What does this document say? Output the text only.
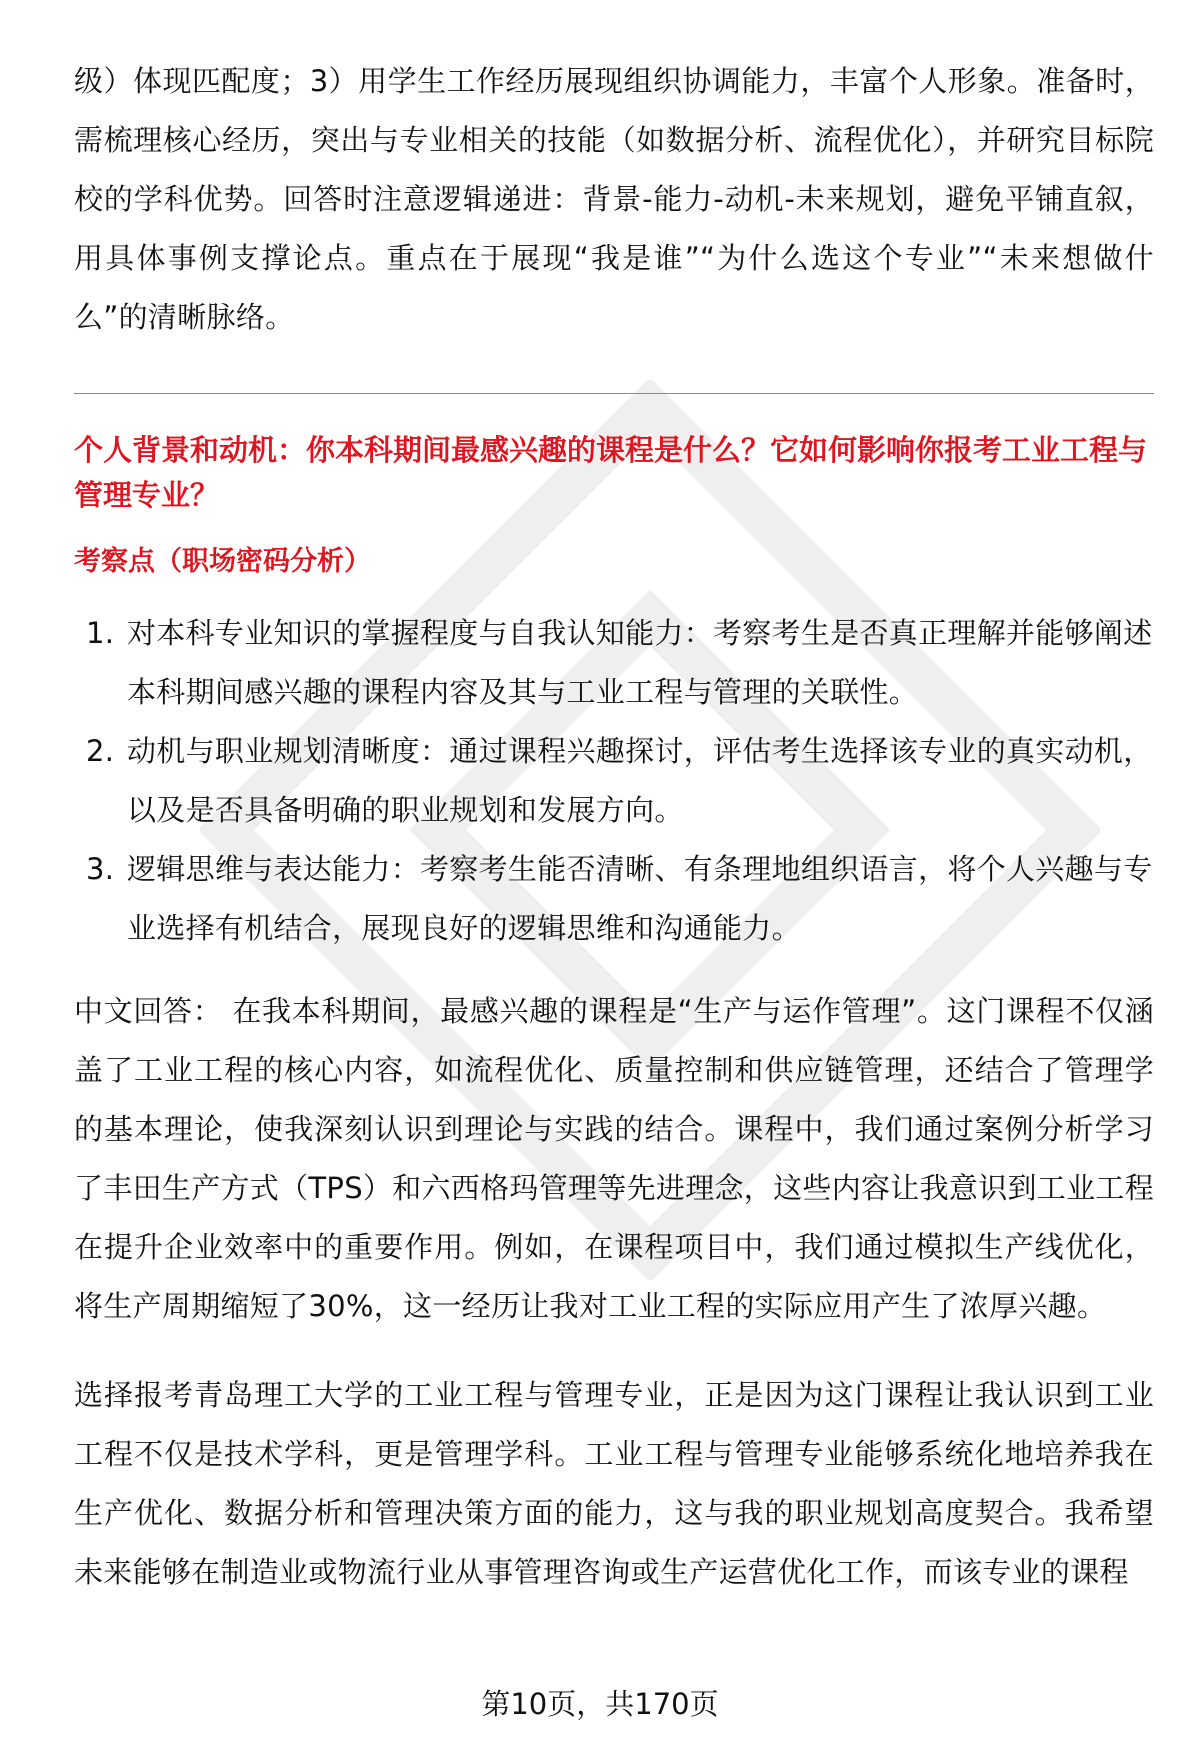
级）体现匹配度；3）用学生工作经历展现组织协调能力，丰富个人形象。准备时，需梳理核心经历，突出与专业相关的技能（如数据分析、流程优化），并研究目标院校的学科优势。回答时注意逻辑递进：背景-能力-动机-未来规划，避免平铺直叙，用具体事例支撑论点。重点在于展现“我是谁”“为什么选这个专业”“未来想做什么”的清晰脉络。

个人背景和动机：你本科期间最感兴趣的课程是什么？它如何影响你报考工业工程与管理专业？
考察点（职场密码分析）
1. 对本科专业知识的掌握程度与自我认知能力：考察考生是否真正理解并能够阐述本科期间感兴趣的课程内容及其与工业工程与管理的关联性。
2. 动机与职业规划清晰度：通过课程兴趣探讨，评估考生选择该专业的真实动机，以及是否具备明确的职业规划和发展方向。
3. 逻辑思维与表达能力：考察考生能否清晰、有条理地组织语言，将个人兴趣与专业选择有机结合，展现良好的逻辑思维和沟通能力。

中文回答： 在我本科期间，最感兴趣的课程是“生产与运作管理”。这门课程不仅涵盖了工业工程的核心内容，如流程优化、质量控制和供应链管理，还结合了管理学的基本理论，使我深刻认识到理论与实践的结合。课程中，我们通过案例分析学习了丰田生产方式（TPS）和六西格玛管理等先进理念，这些内容让我意识到工业工程在提升企业效率中的重要作用。例如，在课程项目中，我们通过模拟生产线优化，将生产周期缩短了30%，这一经历让我对工业工程的实际应用产生了浓厚兴趣。

选择报考青岛理工大学的工业工程与管理专业，正是因为这门课程让我认识到工业工程不仅是技术学科，更是管理学科。工业工程与管理专业能够系统化地培养我在生产优化、数据分析和管理决策方面的能力，这与我的职业规划高度契合。我希望未来能够在制造业或物流行业从事管理咨询或生产运营优化工作，而该专业的课程

第10页，共170页
